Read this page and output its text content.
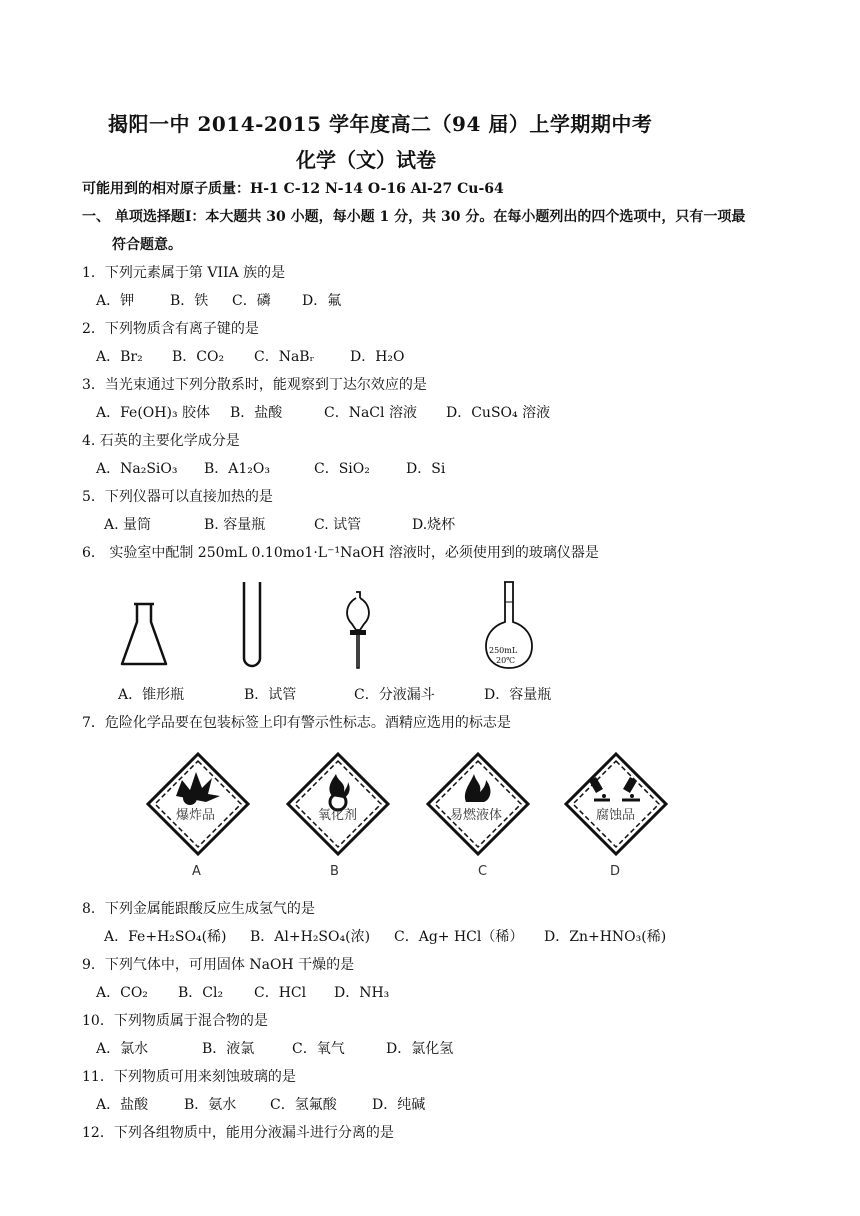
揭阳一中 2014-2015 学年度高二（94 届）上学期期中考
化学（文）试卷
可能用到的相对原子质量：H-1 C-12 N-14 O-16 Al-27 Cu-64
一、 单项选择题Ⅰ：本大题共 30 小题，每小题 1 分，共 30 分。在每小题列出的四个选项中，只有一项最
符合题意。
1．下列元素属于第 VIIA 族的是
A．钾	B．铁 C．磷 D．氟
2．下列物质含有离子键的是
A．Br₂ B．CO₂ C．NaBᵣ	D．H₂O
3．当光束通过下列分散系时，能观察到丁达尔效应的是
A．Fe(OH)₃ 胶体 B．盐酸	C．NaCl 溶液 D．CuSO₄ 溶液
4. 石英的主要化学成分是
A．Na₂SiO₃ B．A1₂O₃	C．SiO₂	D．Si
5．下列仪器可以直接加热的是
A. 量筒	B. 容量瓶	C. 试管	D.烧杯
6． 实验室中配制 250mL 0.10mo1·L⁻¹NaOH 溶液时，必须使用到的玻璃仪器是
250mL
20℃
A．锥形瓶	B．试管	C．分液漏斗	D．容量瓶
7．危险化学品要在包装标签上印有警示性标志。酒精应选用的标志是
爆炸品	氧化剂	易燃液体	腐蚀品
A	B	C	D
8．下列金属能跟酸反应生成氢气的是
A．Fe+H₂SO₄(稀) B．Al+H₂SO₄(浓) C．Ag+ HCl（稀） D．Zn+HNO₃(稀)
9．下列气体中，可用固体 NaOH 干燥的是
A．CO₂ B．Cl₂ C．HCl D．NH₃
10．下列物质属于混合物的是
A．氯水	B．液氯	C．氧气	D．氯化氢
11．下列物质可用来刻蚀玻璃的是
A．盐酸	B．氨水 C．氢氟酸	D．纯碱
12．下列各组物质中，能用分液漏斗进行分离的是
